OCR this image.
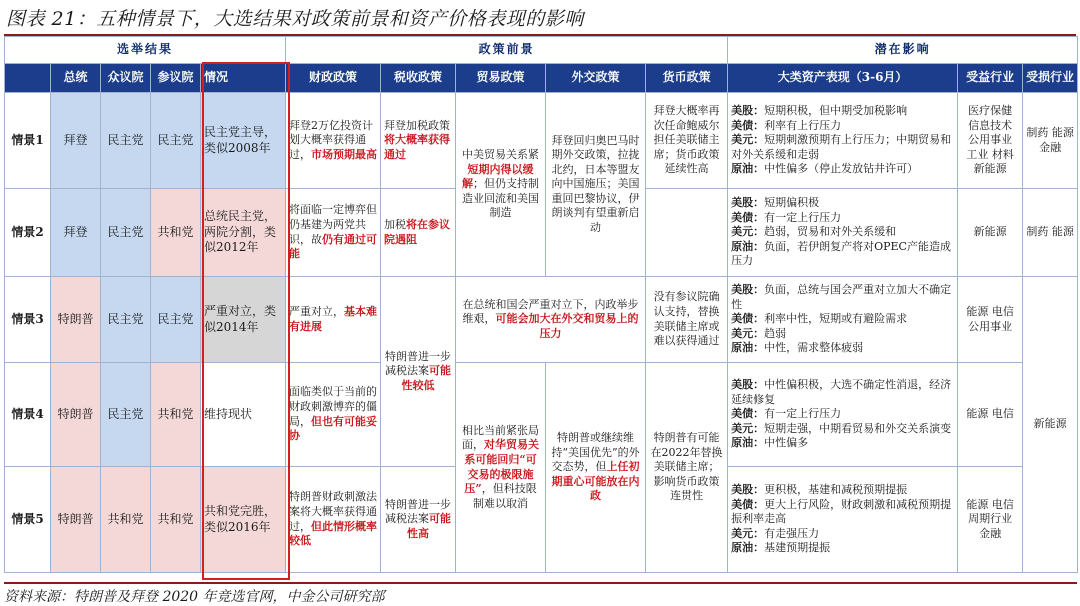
图表 21：五种情景下，大选结果对政策前景和资产价格表现的影响
选举结果					政策前景					潜在影响		
	总统	众议院	参议院	情况	财政政策	税收政策	贸易政策	外交政策	货币政策	大类资产表现（3-6月）	受益行业	受损行业
情景1	拜登	民主党	民主党	民主党主导，类似2008年	拜登2万亿投资计划大概率获得通过，市场预期最高	拜登加税政策将大概率获得通过	中美贸易关系紧短期内得以缓解；但仍支持制造业回流和美国制造	拜登回归奥巴马时期外交政策，拉拢北约，日本等盟友向中国施压；美国重回巴黎协议，伊朗谈判有望重新启动	拜登大概率再次任命鲍威尔担任美联储主席；货币政策延续性高	美股：短期积极，但中期受加税影响
美债：利率有上行压力
美元：短期刺激预期有上行压力；中期贸易和对外关系缓和走弱
原油：中性偏多（停止发放钻井许可）	医疗保健 信息技术 公用事业 工业 材料 新能源	制药 能源 金融
情景2	拜登	民主党	共和党	总统民主党，两院分割，类似2012年	将面临一定博弈但仍基建为两党共识，故仍有通过可能	加税将在参议院遇阻				美股：短期偏积极
美债：有一定上行压力
美元：趋弱，贸易和对外关系缓和
原油：负面，若伊朗复产将对OPEC产能造成压力	新能源	制药 能源
情景3	特朗普	民主党	民主党	严重对立，类似2014年	严重对立，基本难有进展	特朗普进一步减税法案可能性较低	在总统和国会严重对立下，内政举步维艰，可能会加大在外交和贸易上的压力		没有参议院确认支持，替换美联储主席或难以获得通过	美股：负面，总统与国会严重对立加大不确定性
美债：利率中性，短期或有避险需求
美元：趋弱
原油：中性，需求整体疲弱	能源 电信 公用事业	新能源
情景4	特朗普	民主党	共和党	维持现状	面临类似于当前的财政刺激博弈的僵局，但也有可能妥协		相比当前紧张局面，对华贸易关系可能回归“可交易的极限施压”，但科技限制难以取消	特朗普或继续维持“美国优先”的外交态势，但上任初期重心可能放在内政	特朗普有可能在2022年替换美联储主席；影响货币政策连贯性	美股：中性偏积极，大选不确定性消退，经济延续修复
美债：有一定上行压力
美元：短期走强，中期看贸易和外交关系演变
原油：中性偏多	能源 电信	
情景5	特朗普	共和党	共和党	共和党完胜，类似2016年	特朗普财政刺激法案将大概率获得通过，但此情形概率较低	特朗普进一步减税法案可能性高				美股：更积极，基建和减税预期提振
美债：更大上行风险，财政刺激和减税预期提振利率走高
美元：有走强压力
原油：基建预期提振	能源 电信 周期行业 金融	
资料来源：特朗普及拜登 2020 年竞选官网，中金公司研究部
